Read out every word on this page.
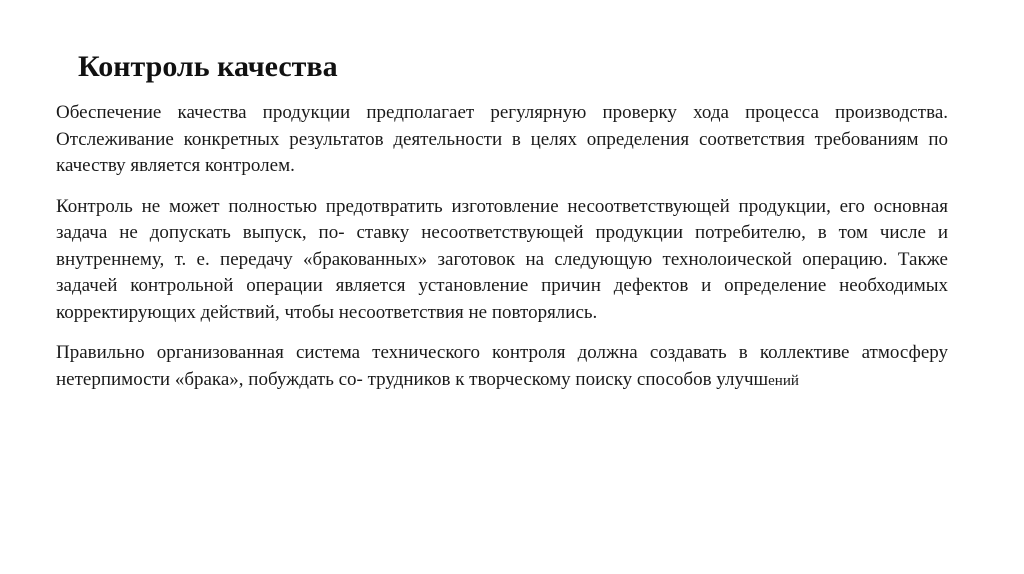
Контроль качества

Обеспечение качества продукции предполагает регулярную проверку хода процесса производства. Отслеживание конкретных результатов деятельности в целях определения соответствия требованиям по качеству является контролем.

Контроль не может полностью предотвратить изготовление несоответствующей продукции, его основная задача не допускать выпуск, по- ставку несоответствующей продукции потребителю, в том числе и внутреннему, т. е. передачу «бракованных» заготовок на следующую технолоической операцию. Также задачей контрольной операции является установление причин дефектов и определение необходимых корректирующих действий, чтобы несоответствия не повторялись.

Правильно организованная система технического контроля должна создавать в коллективе атмосферу нетерпимости «брака», побуждать со- трудников к творческому поиску способов улучшений
